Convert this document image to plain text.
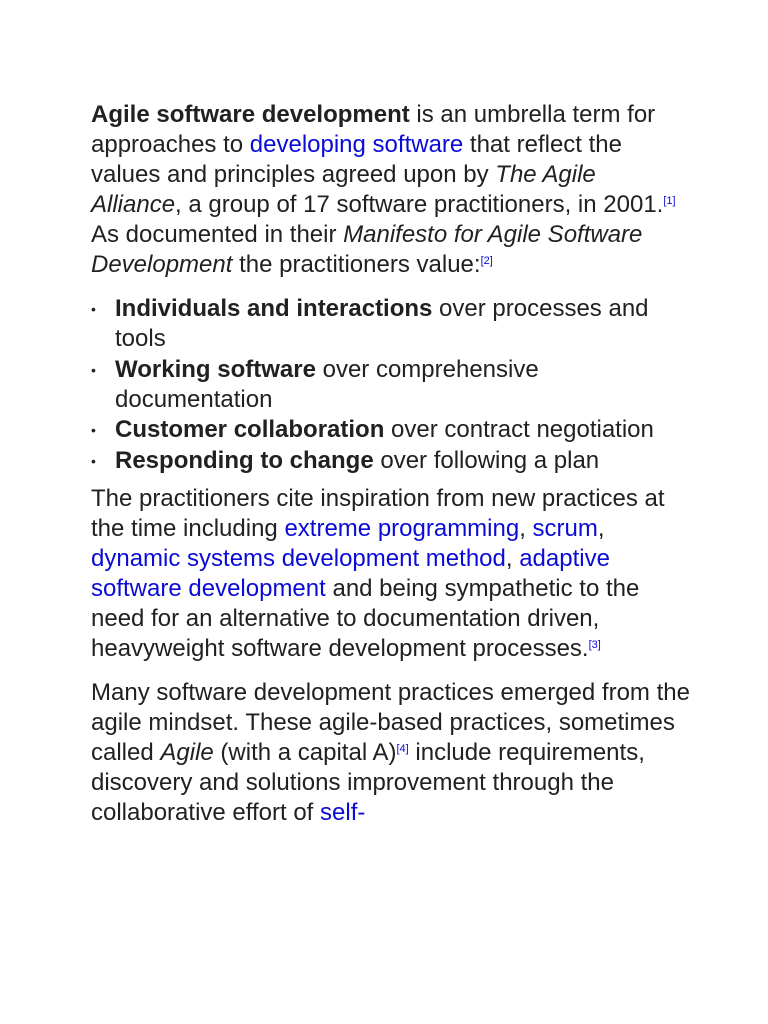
Agile software development is an umbrella term for approaches to developing software that reflect the values and principles agreed upon by The Agile Alliance, a group of 17 software practitioners, in 2001.[1] As documented in their Manifesto for Agile Software Development the practitioners value:[2]

• Individuals and interactions over processes and tools
• Working software over comprehensive documentation
• Customer collaboration over contract negotiation
• Responding to change over following a plan

The practitioners cite inspiration from new practices at the time including extreme programming, scrum, dynamic systems development method, adaptive software development and being sympathetic to the need for an alternative to documentation driven, heavyweight software development processes.[3]

Many software development practices emerged from the agile mindset. These agile-based practices, sometimes called Agile (with a capital A)[4] include requirements, discovery and solutions improvement through the collaborative effort of self-
